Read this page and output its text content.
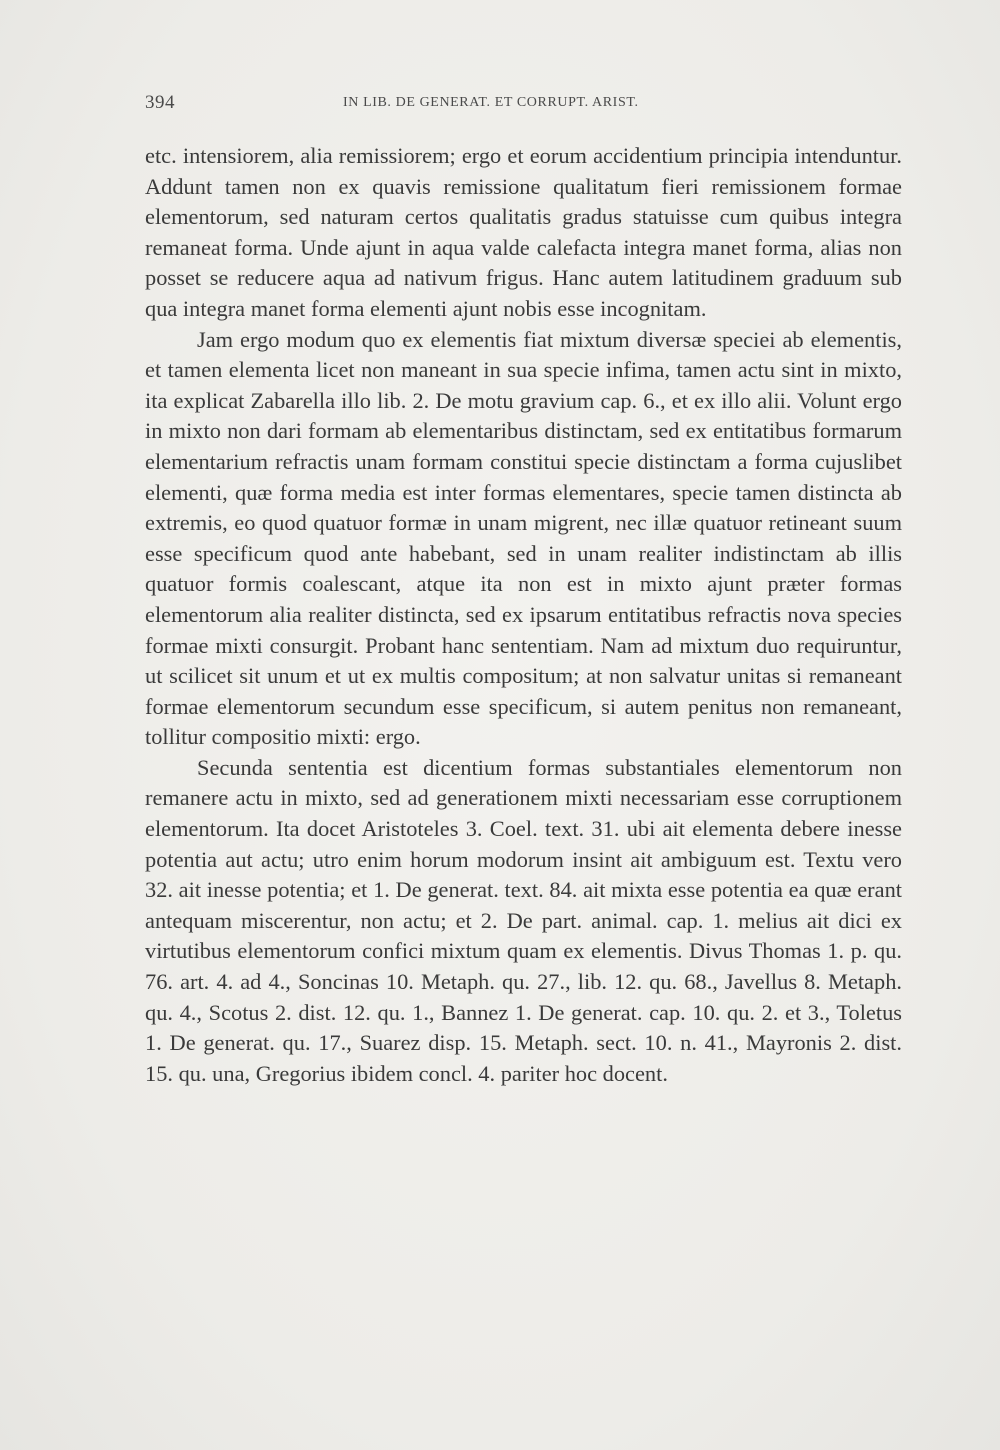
394	IN LIB. DE GENERAT. ET CORRUPT. ARIST.

etc. intensiorem, alia remissiorem; ergo et eorum accidentium principia intenduntur. Addunt tamen non ex quavis remissione qualitatum fieri remissionem formae elementorum, sed naturam certos qualitatis gradus statuisse cum quibus integra remaneat forma. Unde ajunt in aqua valde calefacta integra manet forma, alias non posset se reducere aqua ad nativum frigus. Hanc autem latitudinem graduum sub qua integra manet forma elementi ajunt nobis esse incognitam.

Jam ergo modum quo ex elementis fiat mixtum diversæ speciei ab elementis, et tamen elementa licet non maneant in sua specie infima, tamen actu sint in mixto, ita explicat Zabarella illo lib. 2. De motu gravium cap. 6., et ex illo alii. Volunt ergo in mixto non dari formam ab elementaribus distinctam, sed ex entitatibus formarum elementarium refractis unam formam constitui specie distinctam a forma cujuslibet elementi, quæ forma media est inter formas elementares, specie tamen distincta ab extremis, eo quod quatuor formæ in unam migrent, nec illæ quatuor retineant suum esse specificum quod ante habebant, sed in unam realiter indistinctam ab illis quatuor formis coalescant, atque ita non est in mixto ajunt præter formas elementorum alia realiter distincta, sed ex ipsarum entitatibus refractis nova species formae mixti consurgit. Probant hanc sententiam. Nam ad mixtum duo requiruntur, ut scilicet sit unum et ut ex multis compositum; at non salvatur unitas si remaneant formae elementorum secundum esse specificum, si autem penitus non remaneant, tollitur compositio mixti: ergo.

Secunda sententia est dicentium formas substantiales elementorum non remanere actu in mixto, sed ad generationem mixti necessariam esse corruptionem elementorum. Ita docet Aristoteles 3. Coel. text. 31. ubi ait elementa debere inesse potentia aut actu; utro enim horum modorum insint ait ambiguum est. Textu vero 32. ait inesse potentia; et 1. De generat. text. 84. ait mixta esse potentia ea quæ erant antequam miscerentur, non actu; et 2. De part. animal. cap. 1. melius ait dici ex virtutibus elementorum confici mixtum quam ex elementis. Divus Thomas 1. p. qu. 76. art. 4. ad 4., Soncinas 10. Metaph. qu. 27., lib. 12. qu. 68., Javellus 8. Metaph. qu. 4., Scotus 2. dist. 12. qu. 1., Bannez 1. De generat. cap. 10. qu. 2. et 3., Toletus 1. De generat. qu. 17., Suarez disp. 15. Metaph. sect. 10. n. 41., Mayronis 2. dist. 15. qu. una, Gregorius ibidem concl. 4. pariter hoc docent.
